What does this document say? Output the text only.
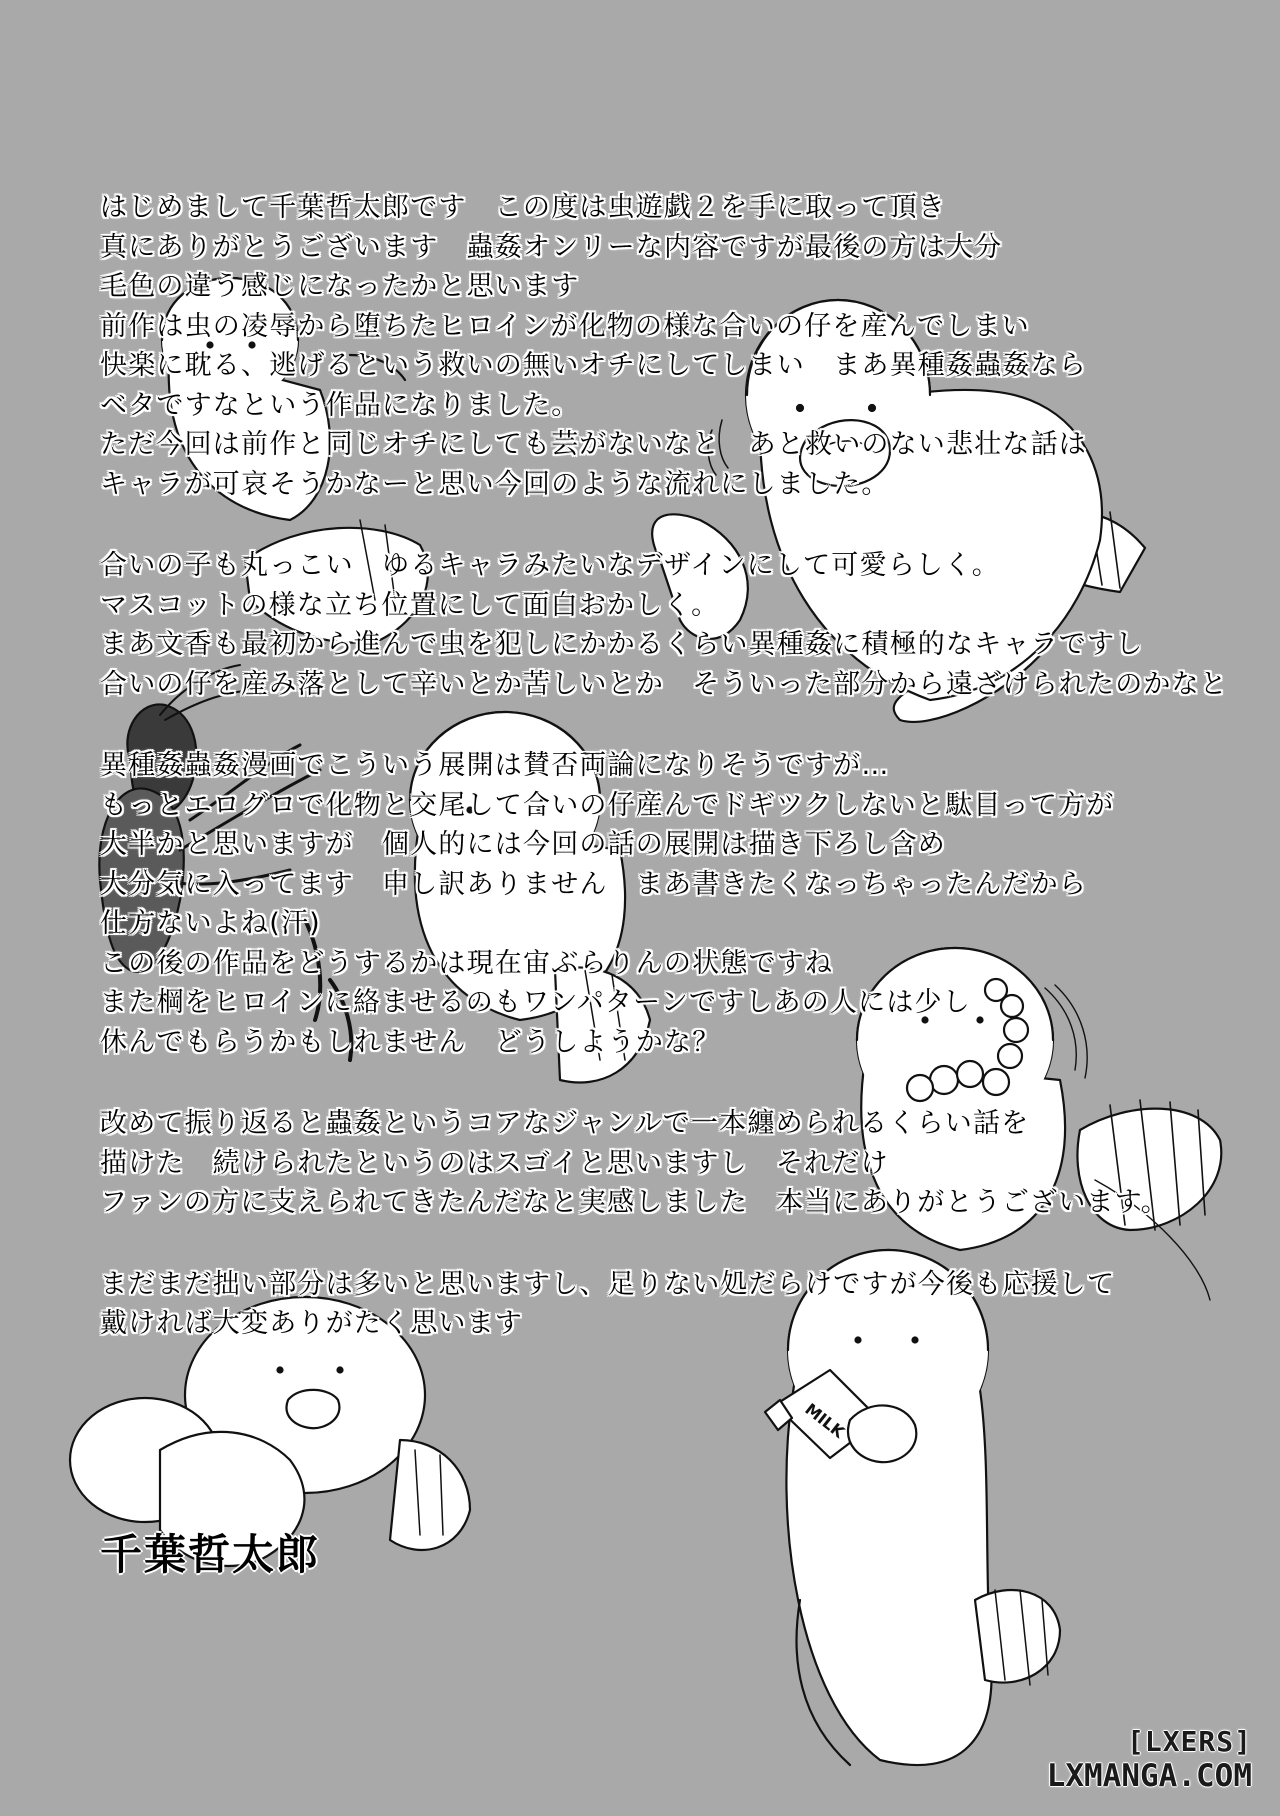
MILK
はじめまして千葉哲太郎です　この度は虫遊戯２を手に取って頂き
真にありがとうございます　蟲姦オンリーな内容ですが最後の方は大分
毛色の違う感じになったかと思います
前作は虫の凌辱から堕ちたヒロインが化物の様な合いの仔を産んでしまい
快楽に耽る、逃げるという救いの無いオチにしてしまい　まあ異種姦蟲姦なら
ベタですなという作品になりました。
ただ今回は前作と同じオチにしても芸がないなと　あと救いのない悲壮な話は
キャラが可哀そうかなーと思い今回のような流れにしました。
合いの子も丸っこい　ゆるキャラみたいなデザインにして可愛らしく。
マスコットの様な立ち位置にして面白おかしく。
まあ文香も最初から進んで虫を犯しにかかるくらい異種姦に積極的なキャラですし
合いの仔を産み落として辛いとか苦しいとか　そういった部分から遠ざけられたのかなと
異種姦蟲姦漫画でこういう展開は賛否両論になりそうですが…
もっとエログロで化物と交尾して合いの仔産んでドギツクしないと駄目って方が
大半かと思いますが　個人的には今回の話の展開は描き下ろし含め
大分気に入ってます　申し訳ありません　まあ書きたくなっちゃったんだから
仕方ないよね(汗)
この後の作品をどうするかは現在宙ぶらりんの状態ですね
また棡をヒロインに絡ませるのもワンパターンですしあの人には少し
休んでもらうかもしれません　どうしようかな？
改めて振り返ると蟲姦というコアなジャンルで一本纏められるくらい話を
描けた　続けられたというのはスゴイと思いますし　それだけ
ファンの方に支えられてきたんだなと実感しました　本当にありがとうございます。
まだまだ拙い部分は多いと思いますし、足りない処だらけですが今後も応援して
戴ければ大変ありがたく思います
千葉哲太郎
[LXERS]
LXMANGA.COM
